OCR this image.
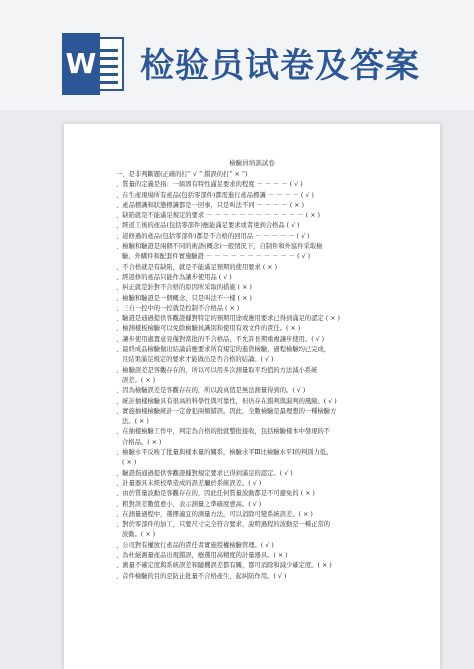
W 检验员试卷及答案
檢驗員培訓試卷
一、是非判斷題(正確的打“ √ ” 錯誤的打“ × ”)
、質量的定義是指：一組固有特性滿足要求的程度 － － － － ( √ )
、在生產現場所有產品(包括零部件)都需進行產品標識 － － － － ( √ )
、產品標識和狀態標識都是一回事，只是叫法不同 － － － － ( × )
、缺陷就是不能滿足規定的要求 － － － － － － － － － － － － ( × )
、經返工後的產品(包括零部件)應能滿足要求或者達到合格品 ( √ )
、返修過的產品(包括零部件)都是不合格的回用品 － － － － － ( √ )
、檢驗和驗證是兩個不同的術語(概念)一般情況下，自制件和外協件采取檢
驗，外購件和配套件實施驗證 － － － － － － － － － － － ( √ )
、不合格就是有缺陷，就是不能滿足預期的使用要求 ( × )
、經返修的產品只能作為讓步使用品 ( √ )
、糾正就是針對不合格的原因所采取的措施 ( × )
、檢驗和驗證是一個概念，只是叫法不一樣 ( × )
、三自一控中的一控就是控制不合格品 ( × )
、驗證是通過提供客觀證據對特定的預期用途或應用要求已得到滿足的認定 ( × )
、檢測樣板檢驗可以免除檢驗員識別和使用有效文件的責任。( × )
、讓步使用處置意見僅對當批的不合格品，不允許長期重複讓步使用。( √ )
、最終成品檢驗做出結論前應要求所有規定的進貨檢驗，過程檢驗均已完成，
且結果滿足規定的要求才能做出是否合格的結論。( √ )
、檢驗誤差是客觀存在的，所以可以用多次測量取平均值的方法減小系統
誤差。( × )
、因為檢驗誤差是客觀存在的，所以說真值是無法測量得到的。( √ )
、統計抽樣檢驗具有很高的科學性與可靠性，但仍存在錯判與漏判的風險。( √ )
、實施抽樣檢驗統計一定會犯兩類錯誤。因此，全數檢驗是最理想的一種檢驗方
法。( × )
、在抽樣檢驗工作中，判定為合格的批就整批接收，包括檢驗樣本中發現的不
合格品。( × )
、檢驗水平反映了批量與樣本量的關系，檢驗水平Ⅲ比檢驗水平Ⅰ的判別力低。
( × )
、驗證指通過提供客觀證據對規定要求已得到滿足的認定。( √ )
、計量器具未經校準造成的誤差屬於系統誤差。( √ )
、由於質量波動是客觀存在的，因此任何質量波動都是不可避免的 ( × )
、粗對誤差數值愈小，表示測量之準確度愈高。( √ )
、在測量過程中，選擇適宜的測量方法，可以消除可變系統誤差。( × )
、對於零部件的加工，只要尺寸完全符合要求，說明過程的波動是一種正常的
波動。( × )
、公司對有權放行產品的責任者實施授權檢驗管理。( √ )
、為杜絕測量產品出現錯誤，應選用高精度的計量器具。( × )
、測量不確定度與系統誤差和隨機誤差都有關，都可消除和減少確定度。( × )
、首件檢驗的目的是防止批量不合格產生，起糾防作用。( √ )
